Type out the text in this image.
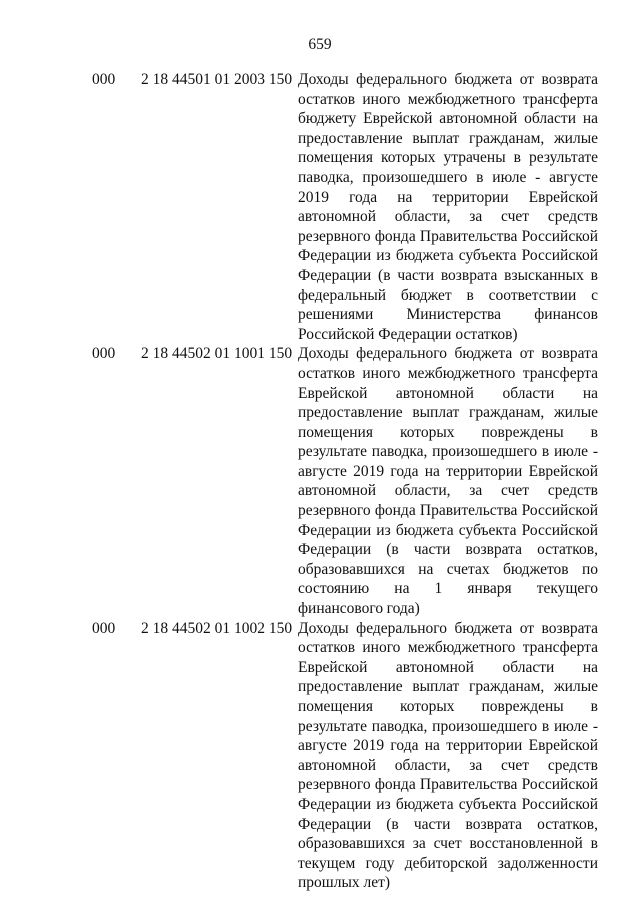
659
000 2 18 44501 01 2003 150 Доходы федерального бюджета от возврата остатков иного межбюджетного трансферта бюджету Еврейской автономной области на предоставление выплат гражданам, жилые помещения которых утрачены в результате паводка, произошедшего в июле - августе 2019 года на территории Еврейской автономной области, за счет средств резервного фонда Правительства Российской Федерации из бюджета субъекта Российской Федерации (в части возврата взысканных в федеральный бюджет в соответствии с решениями Министерства финансов Российской Федерации остатков)
000 2 18 44502 01 1001 150 Доходы федерального бюджета от возврата остатков иного межбюджетного трансферта Еврейской автономной области на предоставление выплат гражданам, жилые помещения которых повреждены в результате паводка, произошедшего в июле - августе 2019 года на территории Еврейской автономной области, за счет средств резервного фонда Правительства Российской Федерации из бюджета субъекта Российской Федерации (в части возврата остатков, образовавшихся на счетах бюджетов по состоянию на 1 января текущего финансового года)
000 2 18 44502 01 1002 150 Доходы федерального бюджета от возврата остатков иного межбюджетного трансферта Еврейской автономной области на предоставление выплат гражданам, жилые помещения которых повреждены в результате паводка, произошедшего в июле - августе 2019 года на территории Еврейской автономной области, за счет средств резервного фонда Правительства Российской Федерации из бюджета субъекта Российской Федерации (в части возврата остатков, образовавшихся за счет восстановленной в текущем году дебиторской задолженности прошлых лет)
